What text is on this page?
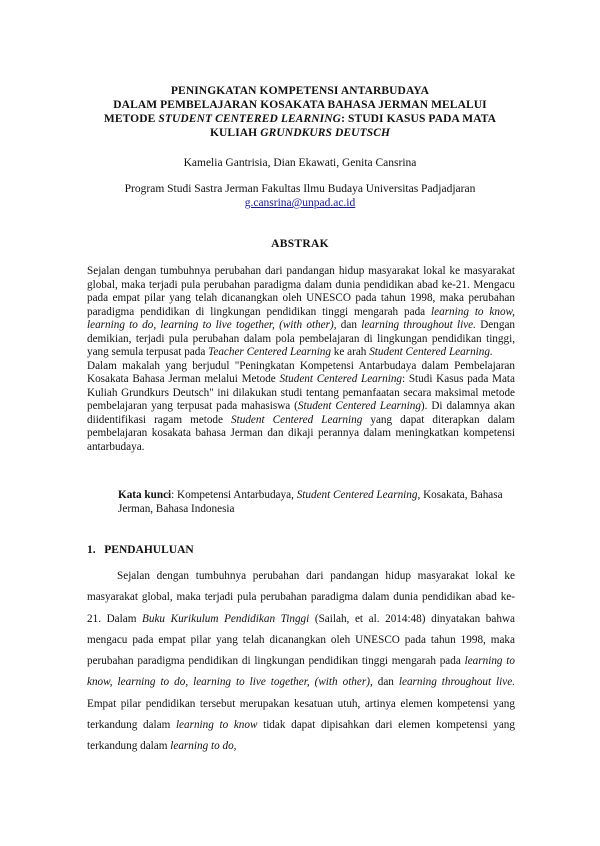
PENINGKATAN KOMPETENSI ANTARBUDAYA
DALAM PEMBELAJARAN KOSAKATA BAHASA JERMAN MELALUI
METODE STUDENT CENTERED LEARNING: STUDI KASUS PADA MATA
KULIAH GRUNDKURS DEUTSCH
Kamelia Gantrisia, Dian Ekawati, Genita Cansrina
Program Studi Sastra Jerman Fakultas Ilmu Budaya Universitas Padjadjaran
g.cansrina@unpad.ac.id
ABSTRAK

Sejalan dengan tumbuhnya perubahan dari pandangan hidup masyarakat lokal ke masyarakat global, maka terjadi pula perubahan paradigma dalam dunia pendidikan abad ke-21. Mengacu pada empat pilar yang telah dicanangkan oleh UNESCO pada tahun 1998, maka perubahan paradigma pendidikan di lingkungan pendidikan tinggi mengarah pada learning to know, learning to do, learning to live together, (with other), dan learning throughout live. Dengan demikian, terjadi pula perubahan dalam pola pembelajaran di lingkungan pendidikan tinggi, yang semula terpusat pada Teacher Centered Learning ke arah Student Centered Learning.

Dalam makalah yang berjudul "Peningkatan Kompetensi Antarbudaya dalam Pembelajaran Kosakata Bahasa Jerman melalui Metode Student Centered Learning: Studi Kasus pada Mata Kuliah Grundkurs Deutsch" ini dilakukan studi tentang pemanfaatan secara maksimal metode pembelajaran yang terpusat pada mahasiswa (Student Centered Learning). Di dalamnya akan diidentifikasi ragam metode Student Centered Learning yang dapat diterapkan dalam pembelajaran kosakata bahasa Jerman dan dikaji perannya dalam meningkatkan kompetensi antarbudaya.

Kata kunci: Kompetensi Antarbudaya, Student Centered Learning, Kosakata, Bahasa Jerman, Bahasa Indonesia
1.   PENDAHULUAN

Sejalan dengan tumbuhnya perubahan dari pandangan hidup masyarakat lokal ke masyarakat global, maka terjadi pula perubahan paradigma dalam dunia pendidikan abad ke-21. Dalam Buku Kurikulum Pendidikan Tinggi (Sailah, et al. 2014:48) dinyatakan bahwa mengacu pada empat pilar yang telah dicanangkan oleh UNESCO pada tahun 1998, maka perubahan paradigma pendidikan di lingkungan pendidikan tinggi mengarah pada learning to know, learning to do, learning to live together, (with other), dan learning throughout live. Empat pilar pendidikan tersebut merupakan kesatuan utuh, artinya elemen kompetensi yang terkandung dalam learning to know tidak dapat dipisahkan dari elemen kompetensi yang terkandung dalam learning to do,
